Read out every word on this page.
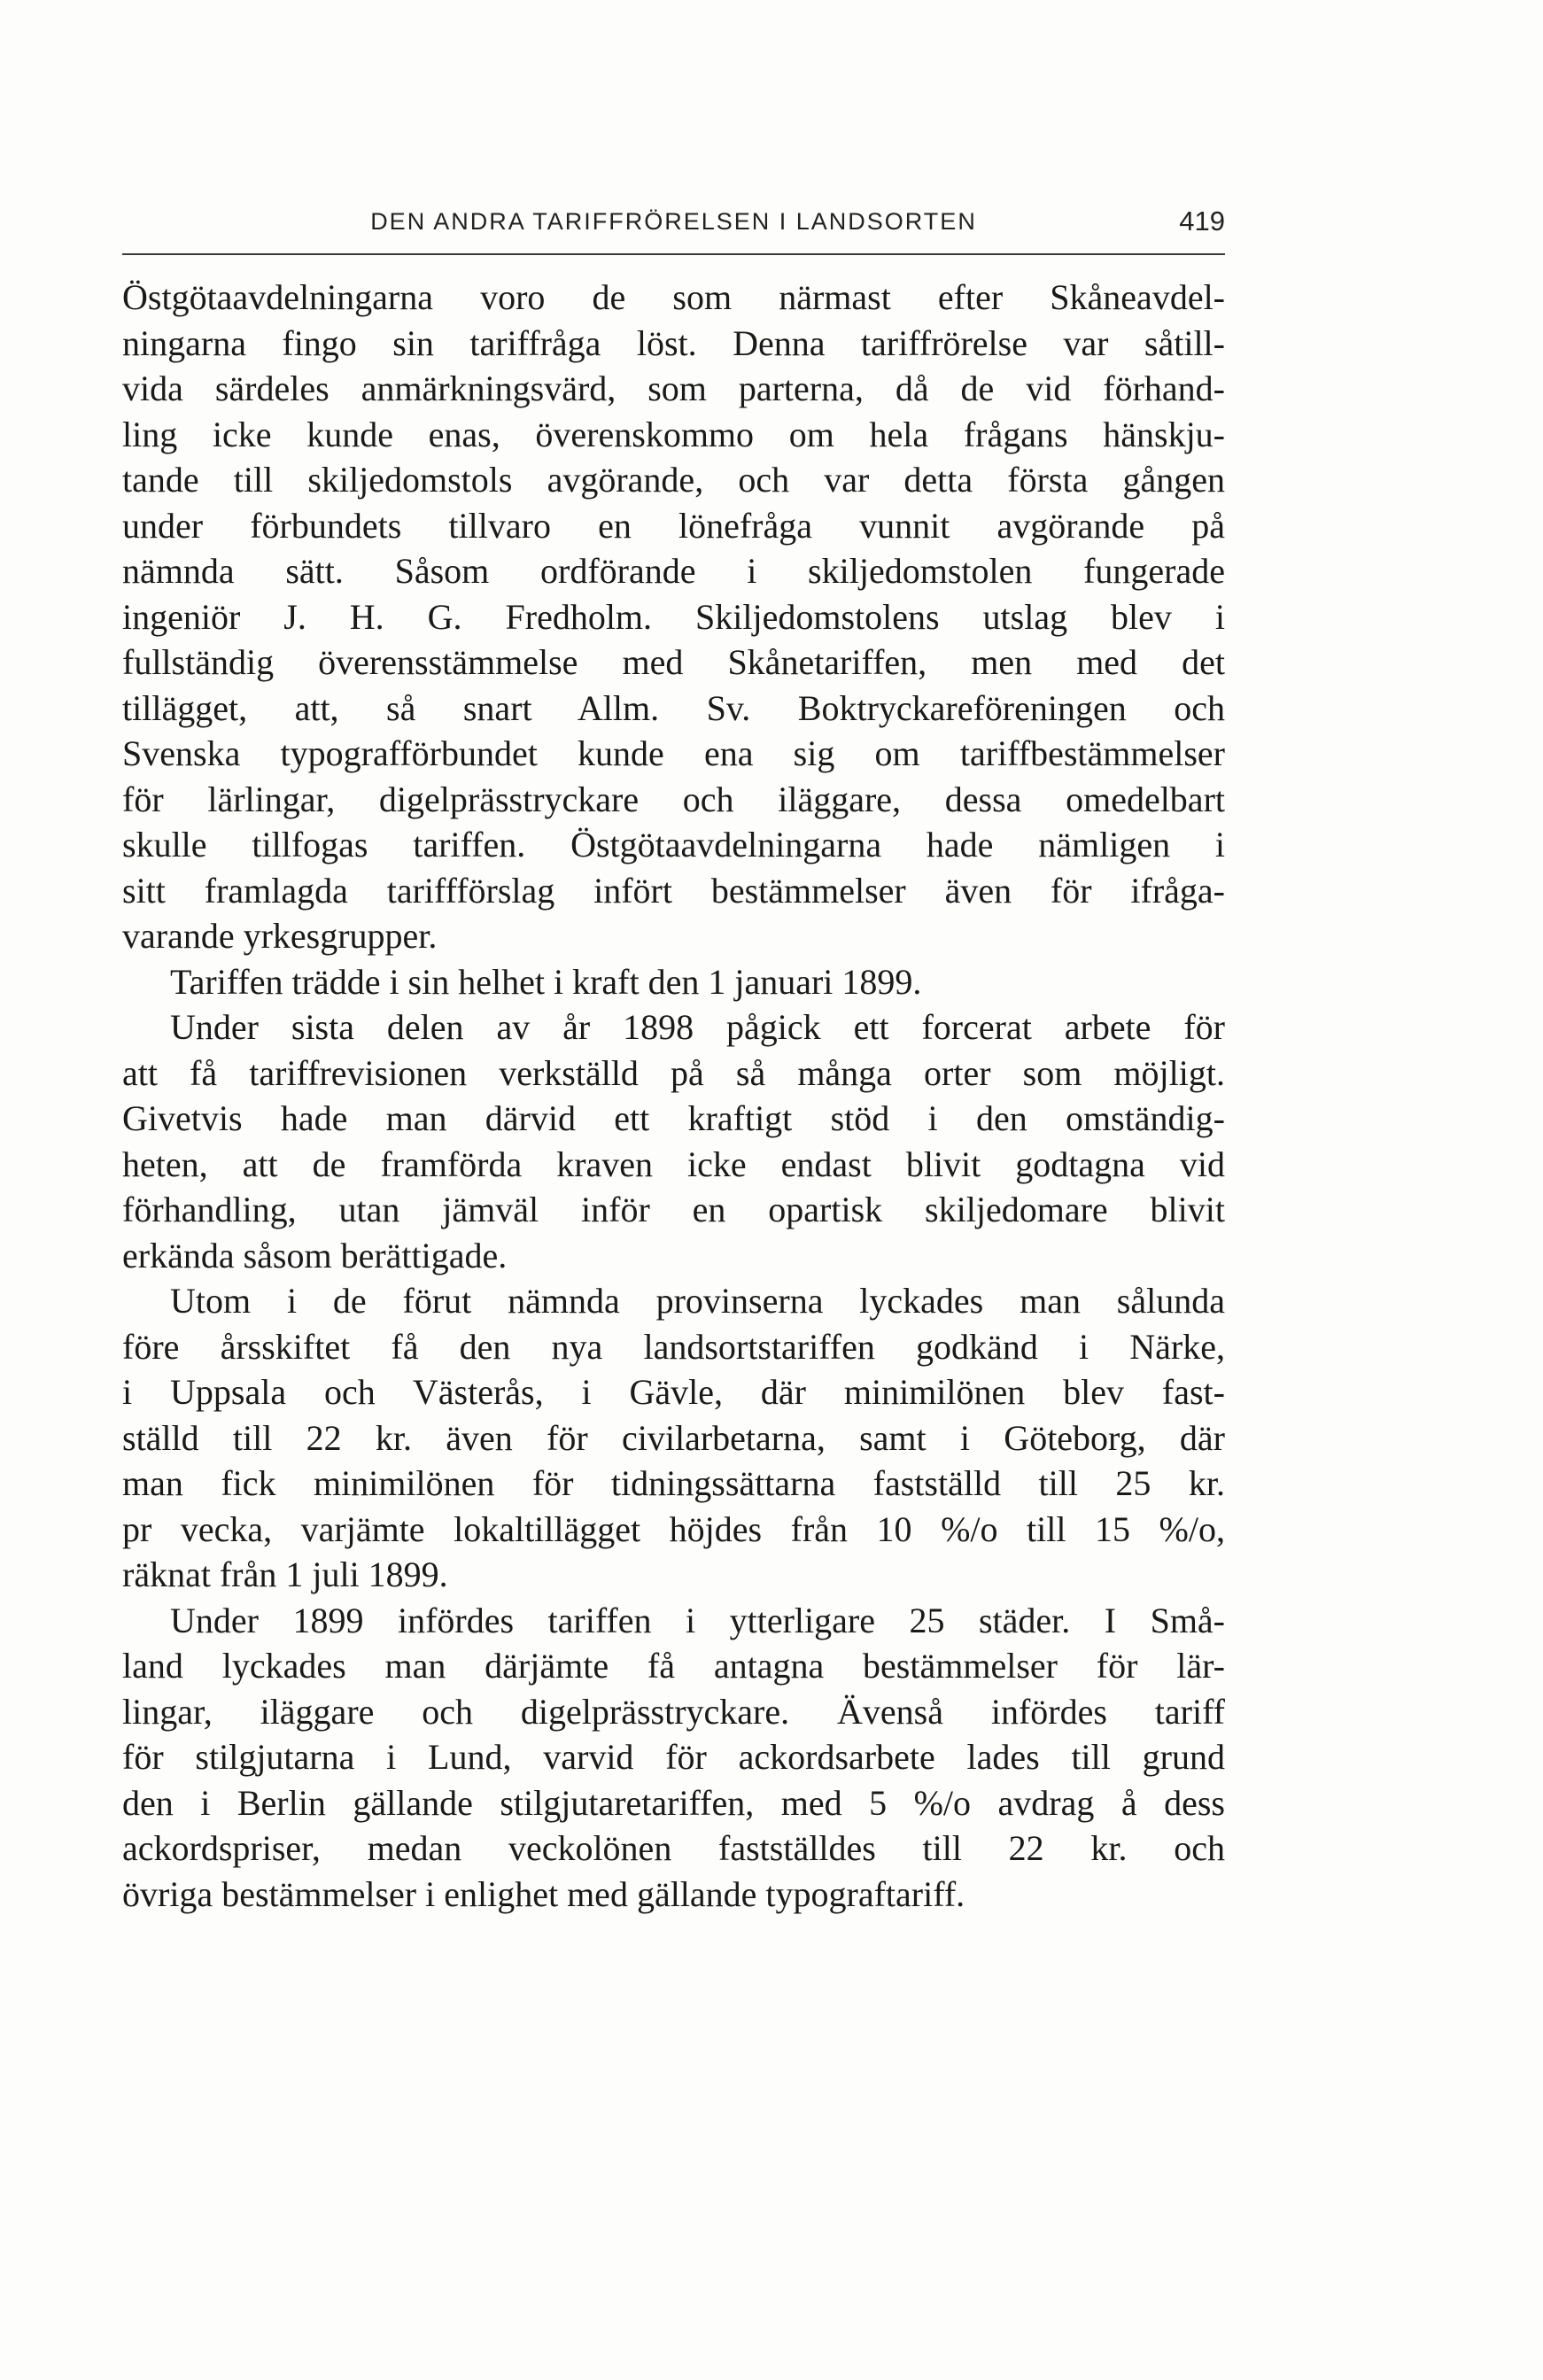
DEN ANDRA TARIFFRÖRELSEN I LANDSORTEN	419
Östgötaavdelningarna voro de som närmast efter Skåneavdel-
ningarna fingo sin tariffråga löst. Denna tariffrörelse var såtill-
vida särdeles anmärkningsvärd, som parterna, då de vid förhand-
ling icke kunde enas, överenskommo om hela frågans hänskju-
tande till skiljedomstols avgörande, och var detta första gången
under förbundets tillvaro en lönefråga vunnit avgörande på
nämnda sätt. Såsom ordförande i skiljedomstolen fungerade
ingeniör J. H. G. Fredholm. Skiljedomstolens utslag blev i
fullständig överensstämmelse med Skånetariffen, men med det
tillägget, att, så snart Allm. Sv. Boktryckareföreningen och
Svenska typografförbundet kunde ena sig om tariffbestämmelser
för lärlingar, digelprässtryckare och iläggare, dessa omedelbart
skulle tillfogas tariffen. Östgötaavdelningarna hade nämligen i
sitt framlagda tariffförslag infört bestämmelser även för ifråga-
varande yrkesgrupper.
Tariffen trädde i sin helhet i kraft den 1 januari 1899.
Under sista delen av år 1898 pågick ett forcerat arbete för
att få tariffrevisionen verkställd på så många orter som möjligt.
Givetvis hade man därvid ett kraftigt stöd i den omständig-
heten, att de framförda kraven icke endast blivit godtagna vid
förhandling, utan jämväl inför en opartisk skiljedomare blivit
erkända såsom berättigade.
Utom i de förut nämnda provinserna lyckades man sålunda
före årsskiftet få den nya landsortstariffen godkänd i Närke,
i Uppsala och Västerås, i Gävle, där minimilönen blev fast-
ställd till 22 kr. även för civilarbetarna, samt i Göteborg, där
man fick minimilönen för tidningssättarna fastställd till 25 kr.
pr vecka, varjämte lokaltillägget höjdes från 10 %/o till 15 %/o,
räknat från 1 juli 1899.
Under 1899 infördes tariffen i ytterligare 25 städer. I Små-
land lyckades man därjämte få antagna bestämmelser för lär-
lingar, iläggare och digelprässtryckare. Ävenså infördes tariff
för stilgjutarna i Lund, varvid för ackordsarbete lades till grund
den i Berlin gällande stilgjutaretariffen, med 5 %/o avdrag å dess
ackordspriser, medan veckolönen fastställdes till 22 kr. och
övriga bestämmelser i enlighet med gällande typograftariff.
